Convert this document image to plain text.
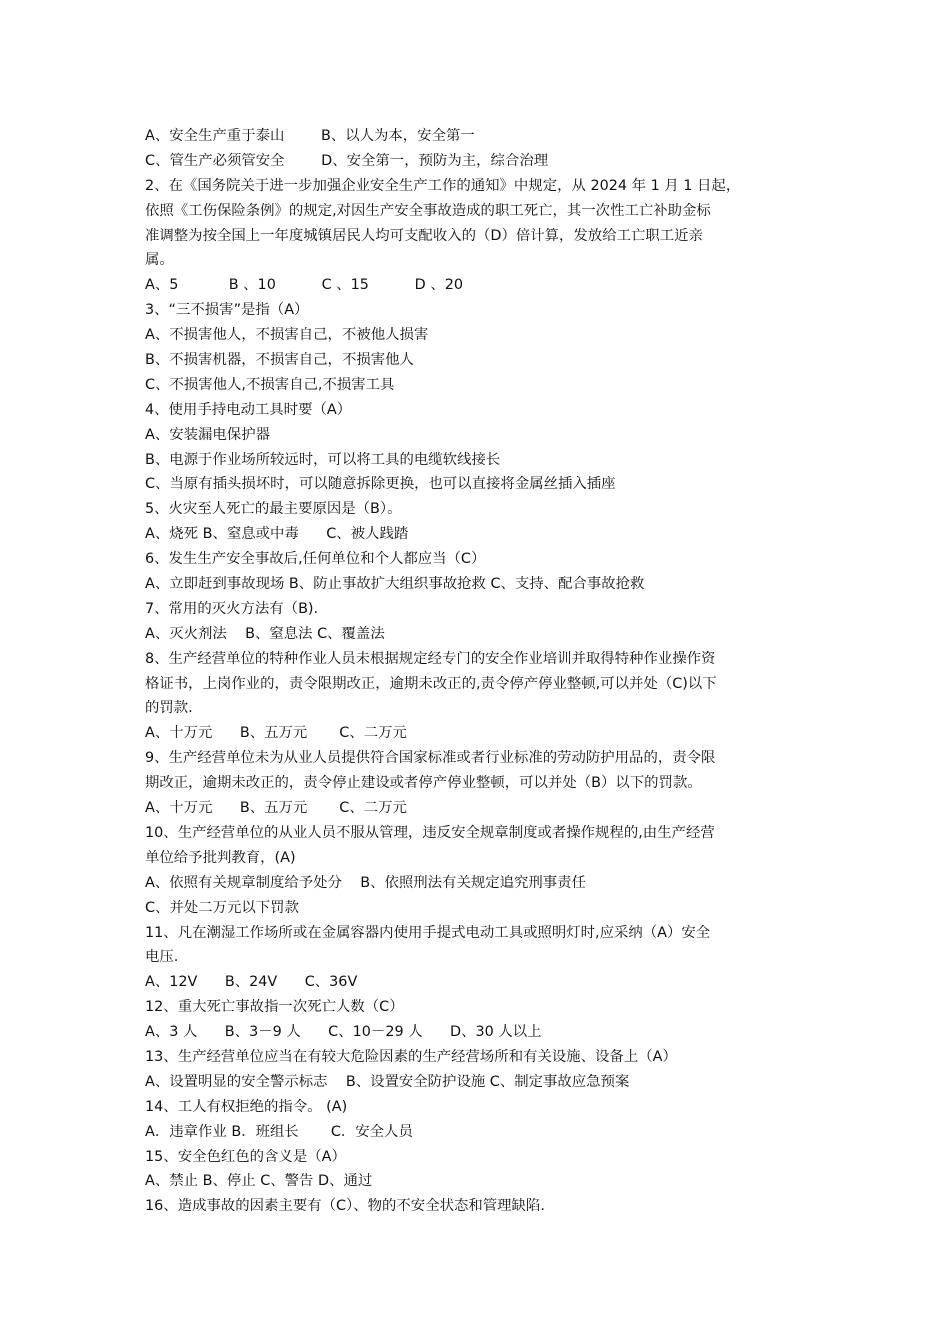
A、安全生产重于泰山        B、以人为本，安全第一
C、管生产必须管安全        D、安全第一，预防为主，综合治理
2、在《国务院关于进一步加强企业安全生产工作的通知》中规定，从 2024 年 1 月 1 日起，
依照《工伤保险条例》的规定,对因生产安全事故造成的职工死亡，其一次性工亡补助金标
准调整为按全国上一年度城镇居民人均可支配收入的（D）倍计算，发放给工亡职工近亲
属。
A、5           B 、10          C 、15          D 、20
3、“三不损害”是指（A）
A、不损害他人，不损害自己，不被他人损害
B、不损害机器，不损害自己，不损害他人
C、不损害他人,不损害自己,不损害工具
4、使用手持电动工具时要（A）
A、安装漏电保护器
B、电源于作业场所较远时，可以将工具的电缆软线接长
C、当原有插头损坏时，可以随意拆除更换，也可以直接将金属丝插入插座
5、火灾至人死亡的最主要原因是（B）。
A、烧死 B、窒息或中毒      C、被人践踏
6、发生生产安全事故后,任何单位和个人都应当（C）
A、立即赶到事故现场 B、防止事故扩大组织事故抢救 C、支持、配合事故抢救
7、常用的灭火方法有（B).
A、灭火剂法    B、窒息法 C、覆盖法
8、生产经营单位的特种作业人员未根据规定经专门的安全作业培训并取得特种作业操作资
格证书，上岗作业的，责令限期改正，逾期未改正的,责令停产停业整顿,可以并处（C)以下
的罚款.
A、十万元      B、五万元       C、二万元
9、生产经营单位未为从业人员提供符合国家标准或者行业标准的劳动防护用品的，责令限
期改正，逾期未改正的，责令停止建设或者停产停业整顿，可以并处（B）以下的罚款。
A、十万元      B、五万元       C、二万元
10、生产经营单位的从业人员不服从管理，违反安全规章制度或者操作规程的,由生产经营
单位给予批判教育，(A)
A、依照有关规章制度给予处分    B、依照刑法有关规定追究刑事责任
C、并处二万元以下罚款
11、凡在潮湿工作场所或在金属容器内使用手提式电动工具或照明灯时,应采纳（A）安全
电压.
A、12V      B、24V      C、36V
12、重大死亡事故指一次死亡人数（C）
A、3 人      B、3－9 人      C、10－29 人      D、30 人以上
13、生产经营单位应当在有较大危险因素的生产经营场所和有关设施、设备上（A）
A、设置明显的安全警示标志    B、设置安全防护设施 C、制定事故应急预案
14、工人有权拒绝的指令。 (A)
A．违章作业 B．班组长       C．安全人员
15、安全色红色的含义是（A）
A、禁止 B、停止 C、警告 D、通过
16、造成事故的因素主要有（C）、物的不安全状态和管理缺陷.
